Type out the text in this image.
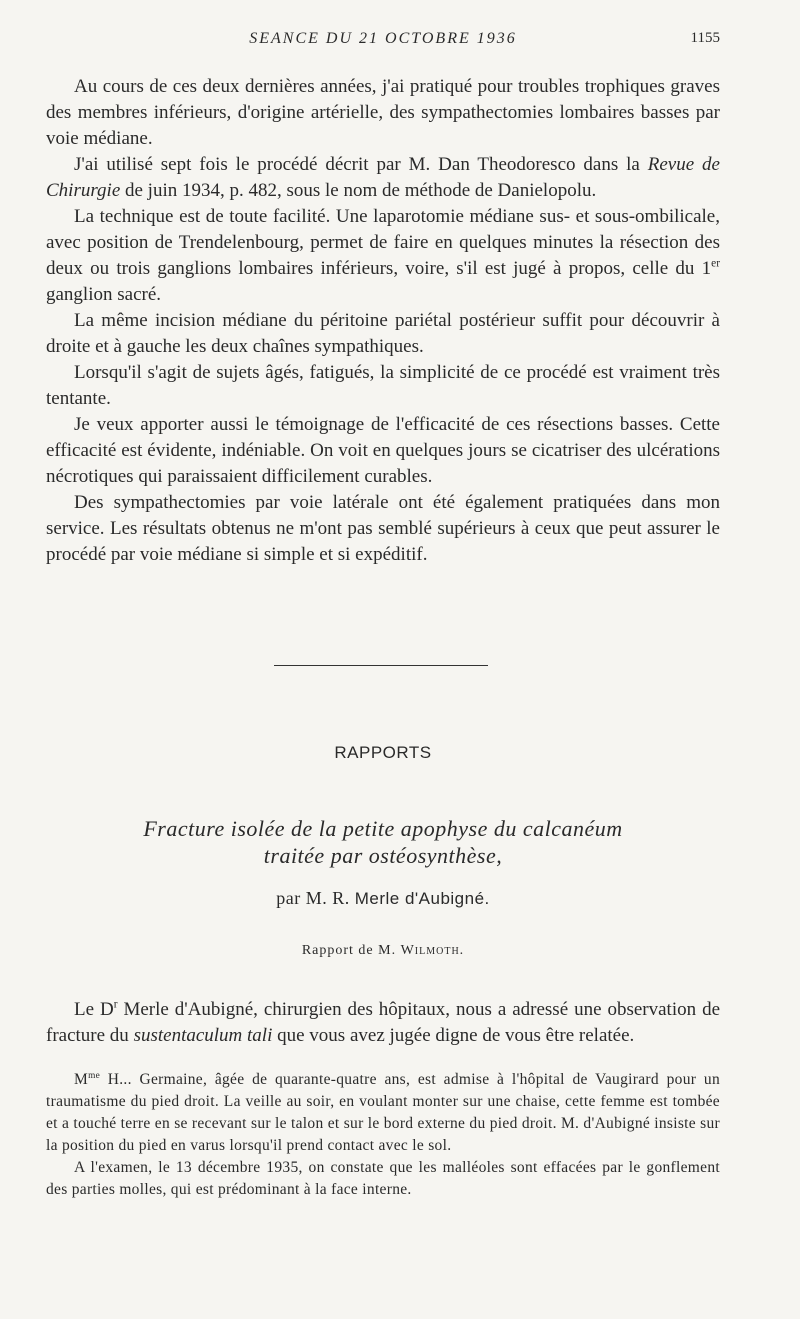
SEANCE DU 21 OCTOBRE 1936	1155

Au cours de ces deux dernières années, j'ai pratiqué pour troubles trophiques graves des membres inférieurs, d'origine artérielle, des sympathectomies lombaires basses par voie médiane.

J'ai utilisé sept fois le procédé décrit par M. Dan Theodoresco dans la Revue de Chirurgie de juin 1934, p. 482, sous le nom de méthode de Danielopolu.

La technique est de toute facilité. Une laparotomie médiane sus- et sous-ombilicale, avec position de Trendelenbourg, permet de faire en quelques minutes la résection des deux ou trois ganglions lombaires inférieurs, voire, s'il est jugé à propos, celle du 1er ganglion sacré.

La même incision médiane du péritoine pariétal postérieur suffit pour découvrir à droite et à gauche les deux chaînes sympathiques.

Lorsqu'il s'agit de sujets âgés, fatigués, la simplicité de ce procédé est vraiment très tentante.

Je veux apporter aussi le témoignage de l'efficacité de ces résections basses. Cette efficacité est évidente, indéniable. On voit en quelques jours se cicatriser des ulcérations nécrotiques qui paraissaient difficilement curables.

Des sympathectomies par voie latérale ont été également pratiquées dans mon service. Les résultats obtenus ne m'ont pas semblé supérieurs à ceux que peut assurer le procédé par voie médiane si simple et si expéditif.

RAPPORTS
Fracture isolée de la petite apophyse du calcanéum
traitée par ostéosynthèse,
par M. R. Merle d'Aubigné.
Rapport de M. Wilmoth.

Le $D^r$ Merle d'Aubigné, chirurgien des hôpitaux, nous a adressé une observation de fracture du sustentaculum tali que vous avez jugée digne de vous être relatée.

$M^{me}$ H... Germaine, âgée de quarante-quatre ans, est admise à l'hôpital de Vaugirard pour un traumatisme du pied droit. La veille au soir, en voulant monter sur une chaise, cette femme est tombée et a touché terre en se recevant sur le talon et sur le bord externe du pied droit. M. d'Aubigné insiste sur la position du pied en varus lorsqu'il prend contact avec le sol.

A l'examen, le 13 décembre 1935, on constate que les malléoles sont effacées par le gonflement des parties molles, qui est prédominant à la face interne.
